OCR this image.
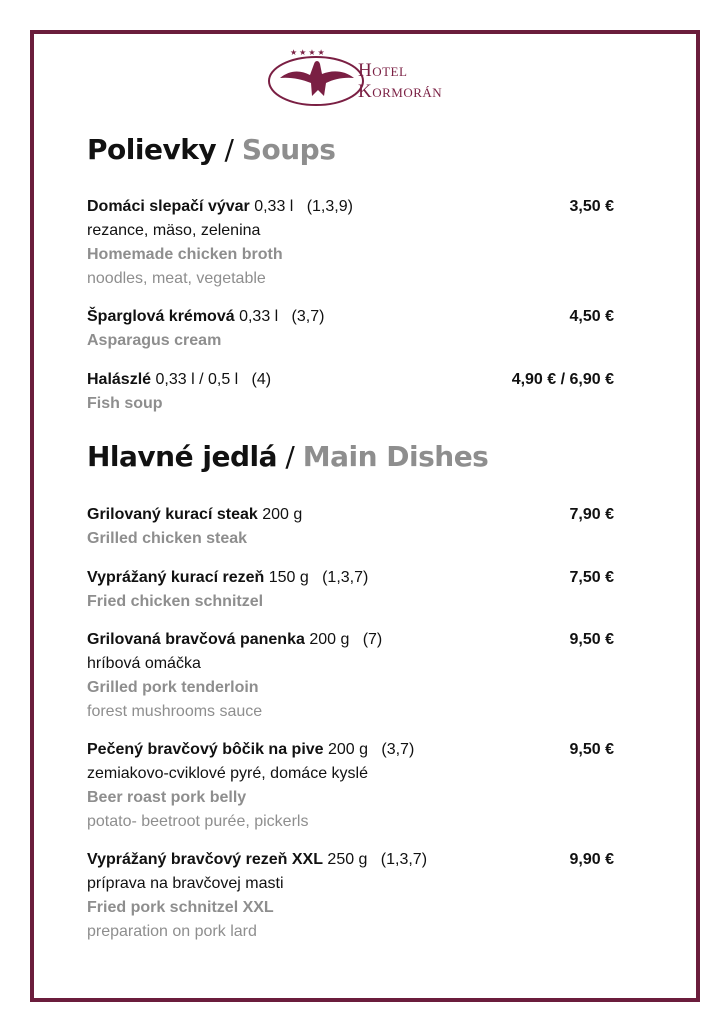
★★★★
Hotel
Kormorán
Polievky / Soups
Domáci slepačí vývar 0,33 l   (1,3,9)	3,50 €
rezance, mäso, zelenina
Homemade chicken broth
noodles, meat, vegetable
Šparglová krémová 0,33 l   (3,7)	4,50 €
Asparagus cream
Halászlé 0,33 l / 0,5 l   (4)	4,90 € / 6,90 €
Fish soup
Hlavné jedlá / Main Dishes
Grilovaný kurací steak 200 g	7,90 €
Grilled chicken steak
Vyprážaný kurací rezeň 150 g   (1,3,7)	7,50 €
Fried chicken schnitzel
Grilovaná bravčová panenka 200 g   (7)	9,50 €
hríbová omáčka
Grilled pork tenderloin
forest mushrooms sauce
Pečený bravčový bôčik na pive 200 g   (3,7)	9,50 €
zemiakovo-cviklové pyré, domáce kyslé
Beer roast pork belly
potato- beetroot purée, pickerls
Vyprážaný bravčový rezeň XXL 250 g   (1,3,7)	9,90 €
príprava na bravčovej masti
Fried pork schnitzel XXL
preparation on pork lard
